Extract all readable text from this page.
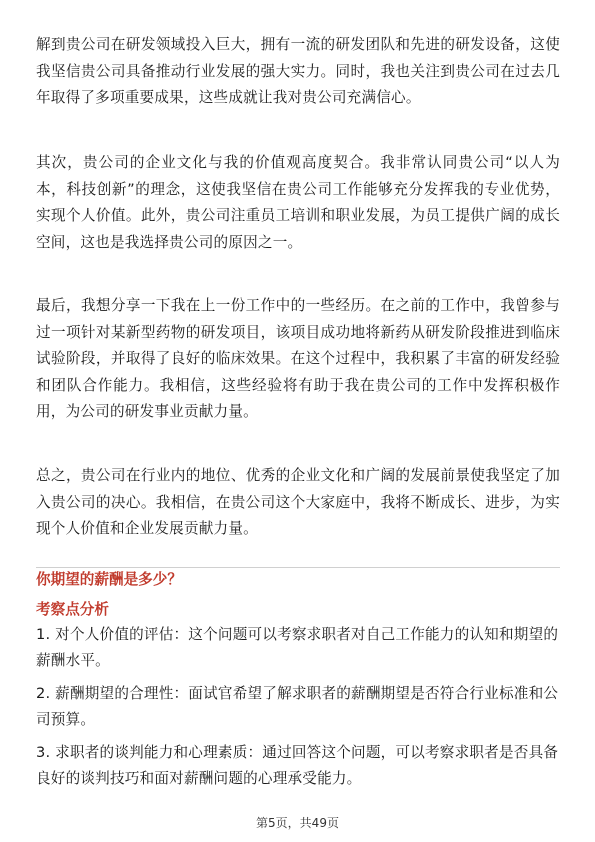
解到贵公司在研发领域投入巨大，拥有一流的研发团队和先进的研发设备，这使我坚信贵公司具备推动行业发展的强大实力。同时，我也关注到贵公司在过去几年取得了多项重要成果，这些成就让我对贵公司充满信心。

其次，贵公司的企业文化与我的价值观高度契合。我非常认同贵公司“以人为本，科技创新”的理念，这使我坚信在贵公司工作能够充分发挥我的专业优势，实现个人价值。此外，贵公司注重员工培训和职业发展，为员工提供广阔的成长空间，这也是我选择贵公司的原因之一。

最后，我想分享一下我在上一份工作中的一些经历。在之前的工作中，我曾参与过一项针对某新型药物的研发项目，该项目成功地将新药从研发阶段推进到临床试验阶段，并取得了良好的临床效果。在这个过程中，我积累了丰富的研发经验和团队合作能力。我相信，这些经验将有助于我在贵公司的工作中发挥积极作用，为公司的研发事业贡献力量。

总之，贵公司在行业内的地位、优秀的企业文化和广阔的发展前景使我坚定了加入贵公司的决心。我相信，在贵公司这个大家庭中，我将不断成长、进步，为实现个人价值和企业发展贡献力量。

你期望的薪酬是多少？

考察点分析

1. 对个人价值的评估：这个问题可以考察求职者对自己工作能力的认知和期望的薪酬水平。

2. 薪酬期望的合理性：面试官希望了解求职者的薪酬期望是否符合行业标准和公司预算。

3. 求职者的谈判能力和心理素质：通过回答这个问题，可以考察求职者是否具备良好的谈判技巧和面对薪酬问题的心理承受能力。

第5页，共49页
